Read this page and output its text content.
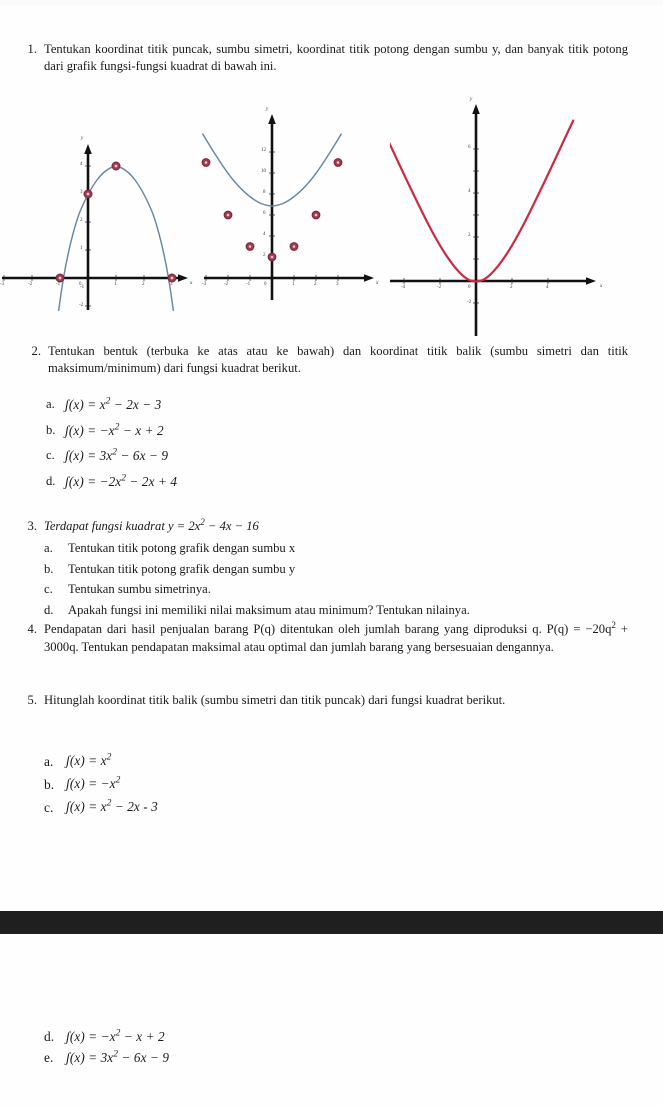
1. Tentukan koordinat titik puncak, sumbu simetri, koordinat titik potong dengan sumbu y, dan banyak titik potong dari grafik fungsi-fungsi kuadrat di bawah ini.
-3	-2	-1	0	1	2	3
-2
1
2
3
4
-1
y
x -3	-2	-1	0	1	2	3
2
4
6
8
10
12
y
x
-4	-2	0	2	4
-2
2
4
6
y
x
2. Tentukan bentuk (terbuka ke atas atau ke bawah) dan koordinat titik balik (sumbu simetri dan titik maksimum/minimum) dari fungsi kuadrat berikut.
a. ʃ(x) = $x^2 - 2x - 3$
b. ʃ(x) = $-x^2 - x + 2$
c. ʃ(x) = $3x^2 - 6x - 9$
d. ʃ(x) = $-2x^2 - 2x + 4$
3. Terdapat fungsi kuadrat $y = 2x^2 - 4x - 16$
a.	Tentukan titik potong grafik dengan sumbu x
b.	Tentukan titik potong grafik dengan sumbu y
c.	Tentukan sumbu simetrinya.
d.	Apakah fungsi ini memiliki nilai maksimum atau minimum? Tentukan nilainya.
4. Pendapatan dari hasil penjualan barang P(q) ditentukan oleh jumlah barang yang diproduksi q. $P(q) = -20q^2 + 3000q$. Tentukan pendapatan maksimal atau optimal dan jumlah barang yang bersesuaian dengannya.
5. Hitunglah koordinat titik balik (sumbu simetri dan titik puncak) dari fungsi kuadrat berikut.
a. ʃ(x) = $x^2$
b. ʃ(x) = $-x^2$
c. ʃ(x) = $x^2 - 2x - 3$
d. ʃ(x) = $-x^2 - x + 2$
e. ʃ(x) = $3x^2 - 6x - 9$
